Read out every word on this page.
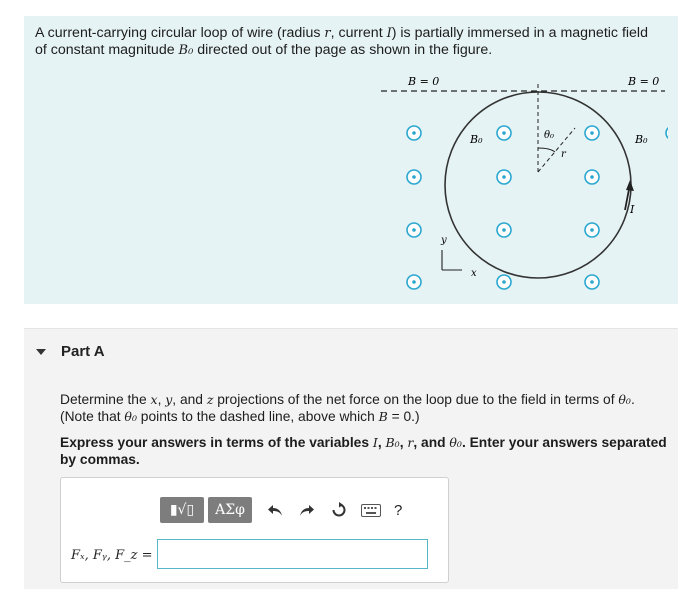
A current-carrying circular loop of wire (radius r, current I) is partially immersed in a magnetic field
of constant magnitude B₀ directed out of the page as shown in the figure.
B = 0	B = 0
I
θ₀
r
B₀	B₀
y
x
Part A
Determine the x, y, and z projections of the net force on the loop due to the field in terms of θ₀.
(Note that θ₀ points to the dashed line, above which B = 0.)
Express your answers in terms of the variables I, B₀, r, and θ₀. Enter your answers separated by commas.
▮√▯	ΑΣφ	?
Fₓ, Fᵧ, F_z =
